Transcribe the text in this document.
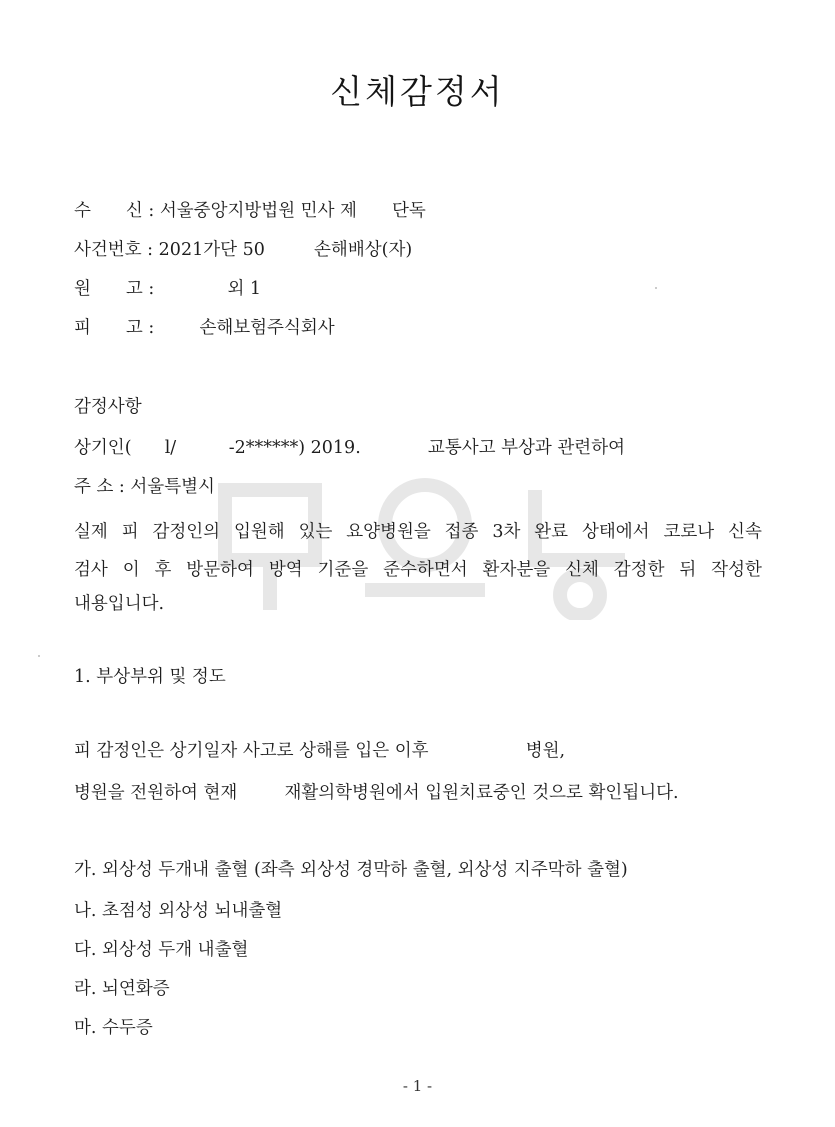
신체감정서
수　　신 : 서울중앙지방법원 민사 제　　단독
사건번호 : 2021가단 50	손해배상(자)
원　　고 :	외 1
피　　고 :	손해보험주식회사
감정사항
상기인( l/　　　-2******) 2019.	교통사고 부상과 관련하여
주 소 : 서울특별시
실제 피 감정인의 입원해 있는 요양병원을 접종 3차 완료 상태에서 코로나 신속
검사 이 후 방문하여 방역 기준을 준수하면서 환자분을 신체 감정한 뒤 작성한
내용입니다.
1. 부상부위 및 정도
피 감정인은 상기일자 사고로 상해를 입은 이후	병원,
병원을 전원하여 현재	재활의학병원에서 입원치료중인 것으로 확인됩니다.
가. 외상성 두개내 출혈 (좌측 외상성 경막하 출혈, 외상성 지주막하 출혈)
나. 초점성 외상성 뇌내출혈
다. 외상성 두개 내출혈
라. 뇌연화증
마. 수두증
- 1 -
